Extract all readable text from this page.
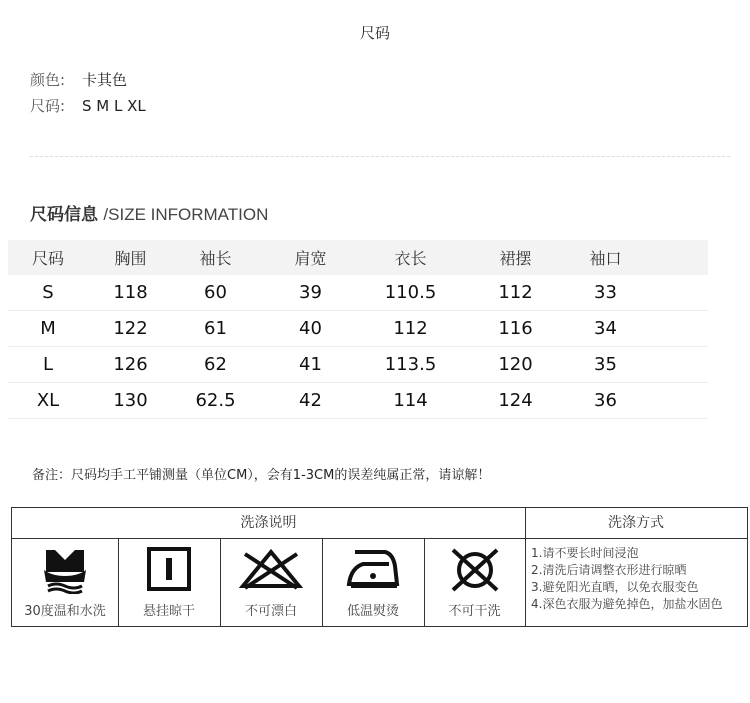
尺码
颜色: 卡其色
尺码: S M L XL
尺码信息 /SIZE INFORMATION
尺码	胸围	袖长	肩宽	衣长	裙摆	袖口	
S	118	60	39	110.5	112	33	
M	122	61	40	112	116	34	
L	126	62	41	113.5	120	35	
XL	130	62.5	42	114	124	36	
备注：尺码均手工平铺测量（单位CM），会有1-3CM的误差纯属正常，请谅解！
洗涤说明	洗涤方式
30度温和水洗	悬挂晾干	不可漂白	低温熨烫	不可干洗
1.请不要长时间浸泡
2.清洗后请调整衣形进行晾晒
3.避免阳光直晒，以免衣服变色
4.深色衣服为避免掉色，加盐水固色
